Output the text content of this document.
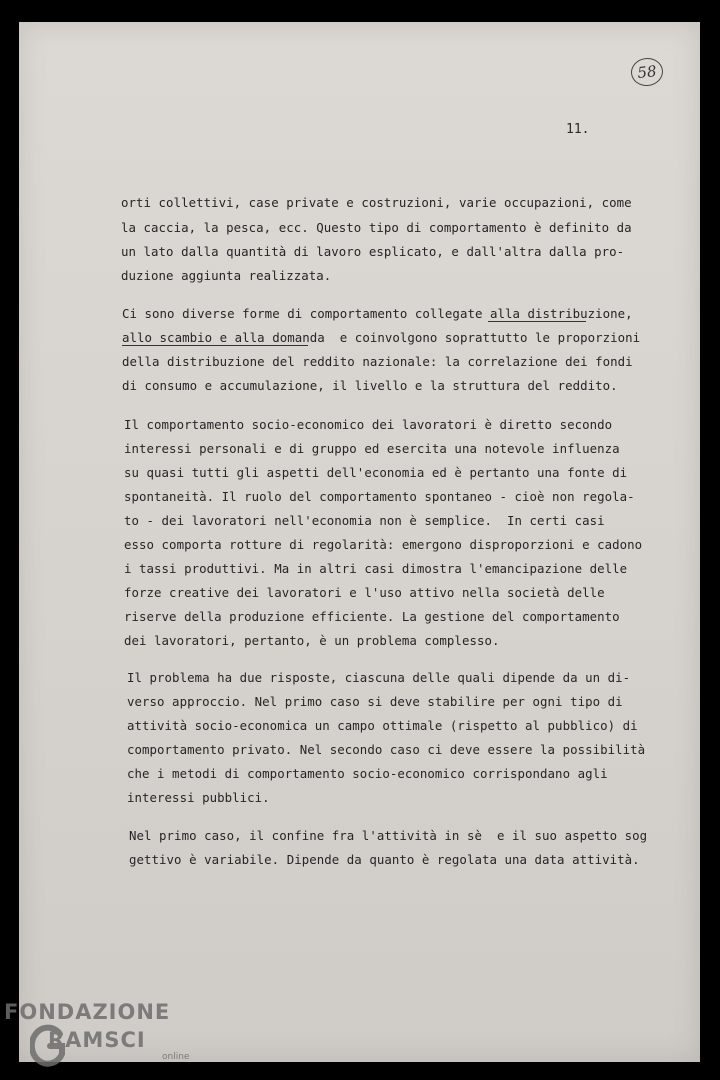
58
11.
orti collettivi, case private e costruzioni, varie occupazioni, come
la caccia, la pesca, ecc. Questo tipo di comportamento è definito da
un lato dalla quantità di lavoro esplicato, e dall'altra dalla pro-
duzione aggiunta realizzata.
Ci sono diverse forme di comportamento collegate alla distribuzione,
allo scambio e alla domanda  e coinvolgono soprattutto le proporzioni
della distribuzione del reddito nazionale: la correlazione dei fondi
di consumo e accumulazione, il livello e la struttura del reddito.
Il comportamento socio-economico dei lavoratori è diretto secondo
interessi personali e di gruppo ed esercita una notevole influenza
su quasi tutti gli aspetti dell'economia ed è pertanto una fonte di
spontaneità. Il ruolo del comportamento spontaneo - cioè non regola-
to - dei lavoratori nell'economia non è semplice.  In certi casi
esso comporta rotture di regolarità: emergono disproporzioni e cadono
i tassi produttivi. Ma in altri casi dimostra l'emancipazione delle
forze creative dei lavoratori e l'uso attivo nella società delle
riserve della produzione efficiente. La gestione del comportamento
dei lavoratori, pertanto, è un problema complesso.
Il problema ha due risposte, ciascuna delle quali dipende da un di-
verso approccio. Nel primo caso si deve stabilire per ogni tipo di
attività socio-economica un campo ottimale (rispetto al pubblico) di
comportamento privato. Nel secondo caso ci deve essere la possibilità
che i metodi di comportamento socio-economico corrispondano agli
interessi pubblici.
Nel primo caso, il confine fra l'attività in sè  e il suo aspetto sog
gettivo è variabile. Dipende da quanto è regolata una data attività.
FONDAZIONE
RAMSCI
online
